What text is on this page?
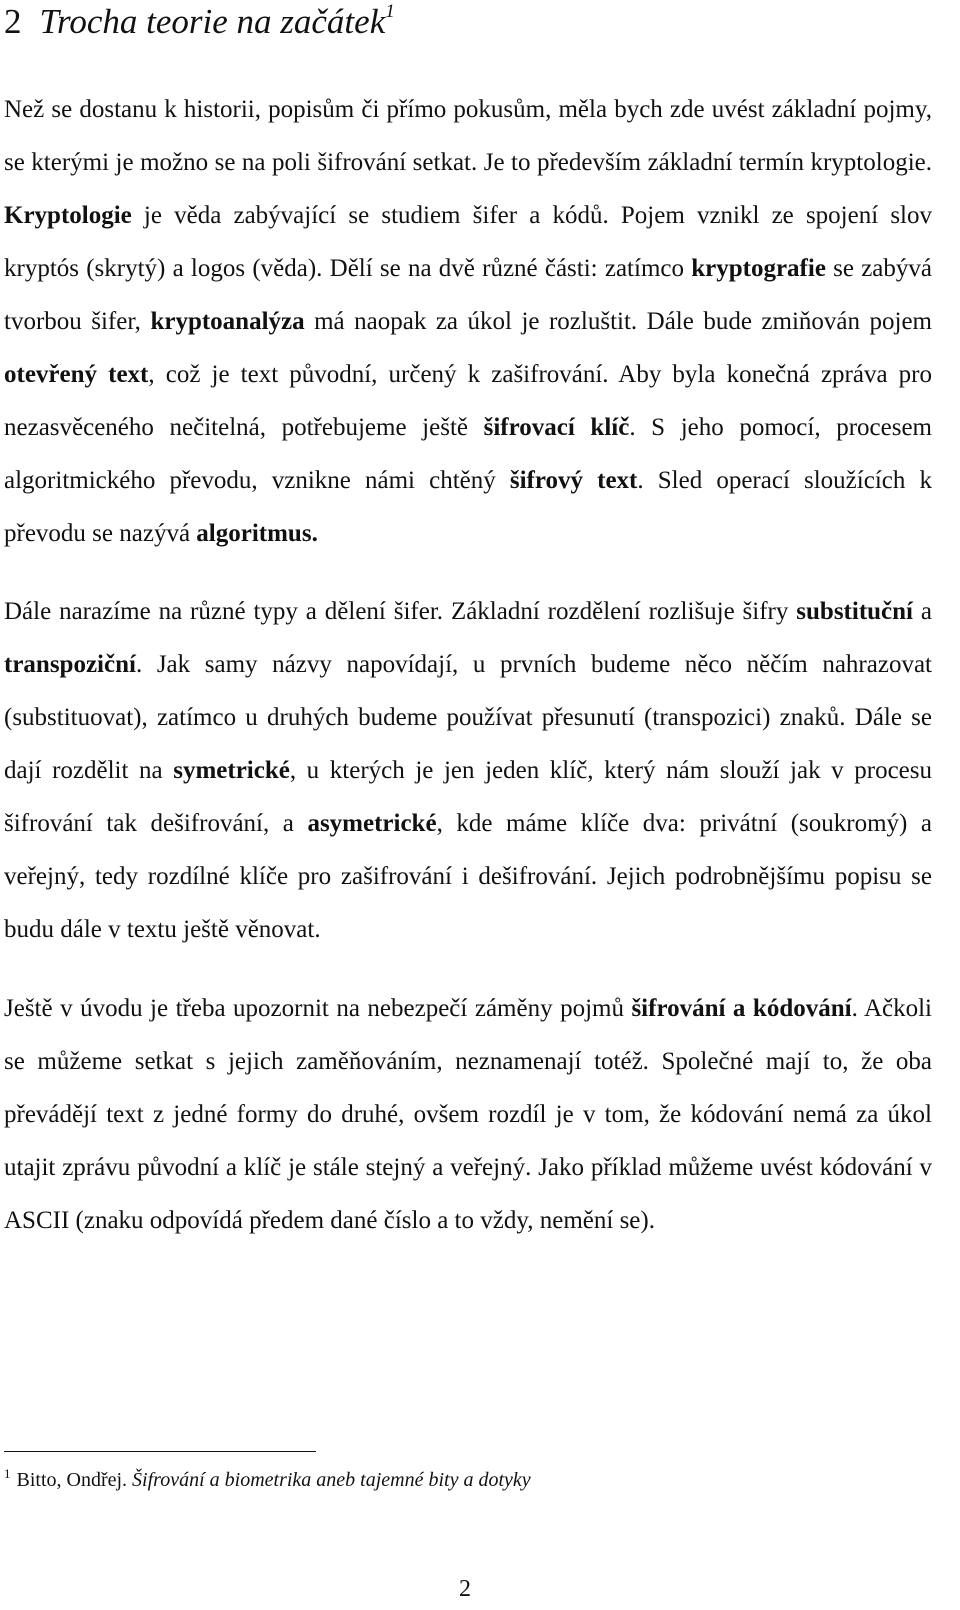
2 Trocha teorie na začátek$^1$

Než se dostanu k historii, popisům či přímo pokusům, měla bych zde uvést základní pojmy, se kterými je možno se na poli šifrování setkat. Je to především základní termín kryptologie. Kryptologie je věda zabývající se studiem šifer a kódů. Pojem vznikl ze spojení slov kryptós (skrytý) a logos (věda). Dělí se na dvě různé části: zatímco kryptografie se zabývá tvorbou šifer, kryptoanalýza má naopak za úkol je rozluštit. Dále bude zmiňován pojem otevřený text, což je text původní, určený k zašifrování. Aby byla konečná zpráva pro nezasvěceného nečitelná, potřebujeme ještě šifrovací klíč. S jeho pomocí, procesem algoritmického převodu, vznikne námi chtěný šifrový text. Sled operací sloužících k převodu se nazývá algoritmus.

Dále narazíme na různé typy a dělení šifer. Základní rozdělení rozlišuje šifry substituční a transpoziční. Jak samy názvy napovídají, u prvních budeme něco něčím nahrazovat (substituovat), zatímco u druhých budeme používat přesunutí (transpozici) znaků. Dále se dají rozdělit na symetrické, u kterých je jen jeden klíč, který nám slouží jak v procesu šifrování tak dešifrování, a asymetrické, kde máme klíče dva: privátní (soukromý) a veřejný, tedy rozdílné klíče pro zašifrování i dešifrování. Jejich podrobnějšímu popisu se budu dále v textu ještě věnovat.

Ještě v úvodu je třeba upozornit na nebezpečí záměny pojmů šifrování a kódování. Ačkoli se můžeme setkat s jejich zaměňováním, neznamenají totéž. Společné mají to, že oba převádějí text z jedné formy do druhé, ovšem rozdíl je v tom, že kódování nemá za úkol utajit zprávu původní a klíč je stále stejný a veřejný. Jako příklad můžeme uvést kódování v ASCII (znaku odpovídá předem dané číslo a to vždy, nemění se).

$^1$ Bitto, Ondřej. Šifrování a biometrika aneb tajemné bity a dotyky
2
